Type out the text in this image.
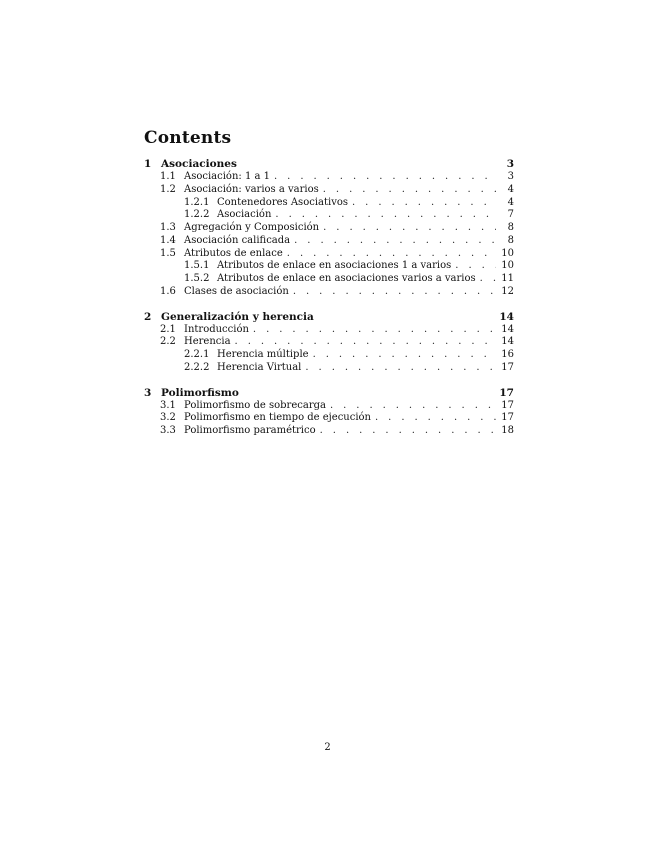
Contents
1 Asociaciones	3
1.1 Asociación: 1 a 1 . . .	3
1.2 Asociación: varios a varios . . .	4
1.2.1 Contenedores Asociativos . . .	4
1.2.2 Asociación . . .	7
1.3 Agregación y Composición . . .	8
1.4 Asociación calificada . . .	8
1.5 Atributos de enlace . . .	10
1.5.1 Atributos de enlace en asociaciones 1 a varios . . .	10
1.5.2 Atributos de enlace en asociaciones varios a varios . . .	11
1.6 Clases de asociación . . .	12
2 Generalización y herencia	14
2.1 Introducción . . .	14
2.2 Herencia . . .	14
2.2.1 Herencia múltiple . . .	16
2.2.2 Herencia Virtual . . .	17
3 Polimorfismo	17
3.1 Polimorfismo de sobrecarga . . .	17
3.2 Polimorfismo en tiempo de ejecución . . .	17
3.3 Polimorfismo paramétrico . . .	18
2
